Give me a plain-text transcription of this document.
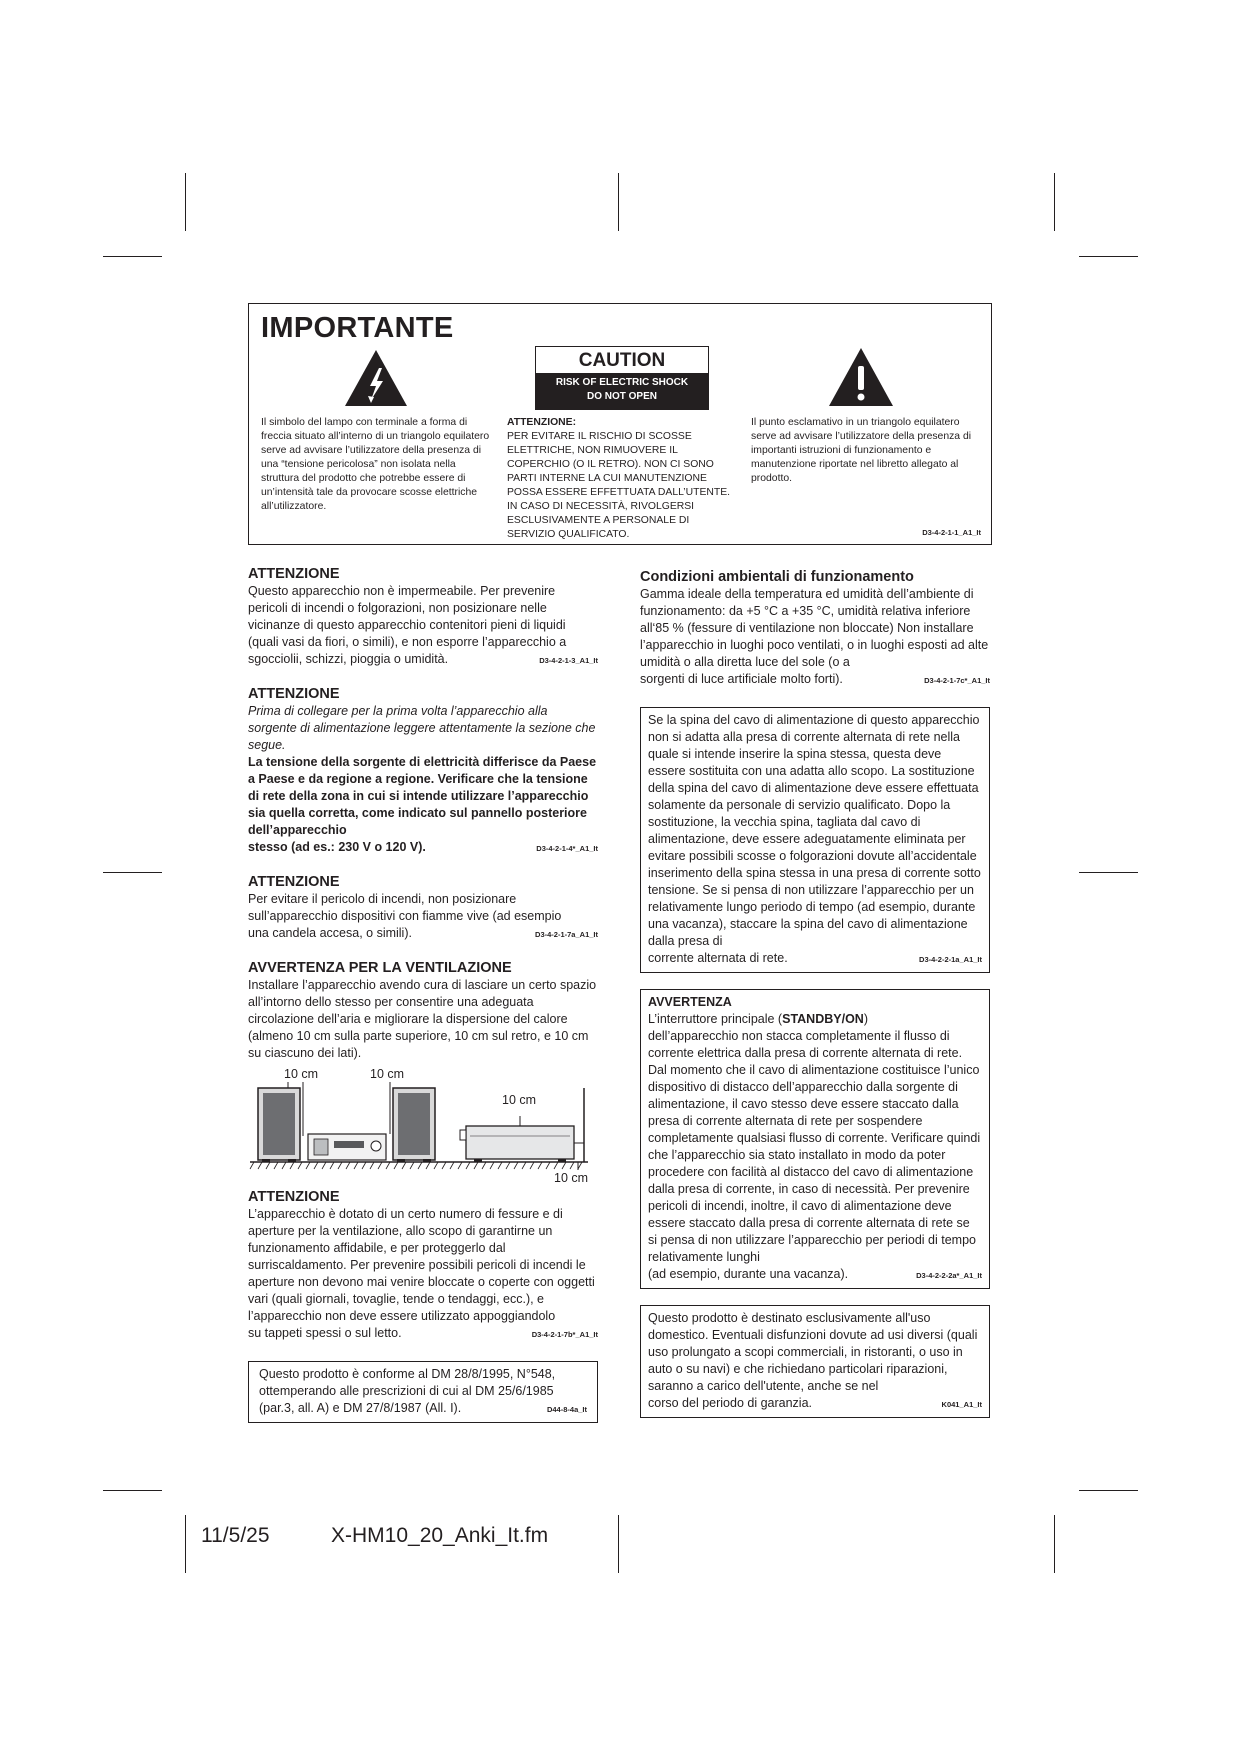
IMPORTANTE
CAUTION
RISK OF ELECTRIC SHOCK
DO NOT OPEN
Il simbolo del lampo con terminale a forma di freccia situato all’interno di un triangolo equilatero serve ad avvisare l’utilizzatore della presenza di una “tensione pericolosa” non isolata nella struttura del prodotto che potrebbe essere di un’intensità tale da provocare scosse elettriche all’utilizzatore.
ATTENZIONE:
PER EVITARE IL RISCHIO DI SCOSSE ELETTRICHE, NON RIMUOVERE IL COPERCHIO (O IL RETRO). NON CI SONO PARTI INTERNE LA CUI MANUTENZIONE POSSA ESSERE EFFETTUATA DALL’UTENTE. IN CASO DI NECESSITÀ, RIVOLGERSI ESCLUSIVAMENTE A PERSONALE DI SERVIZIO QUALIFICATO.
Il punto esclamativo in un triangolo equilatero serve ad avvisare l’utilizzatore della presenza di importanti istruzioni di funzionamento e manutenzione riportate nel libretto allegato al prodotto.
D3-4-2-1-1_A1_It
ATTENZIONE

Questo apparecchio non è impermeabile. Per prevenire pericoli di incendi o folgorazioni, non posizionare nelle vicinanze di questo apparecchio contenitori pieni di liquidi (quali vasi da fiori, o simili), e non esporre l’apparecchio a

sgocciolii, schizzi, pioggia o umidità.	D3-4-2-1-3_A1_It
ATTENZIONE

Prima di collegare per la prima volta l’apparecchio alla sorgente di alimentazione leggere attentamente la sezione che segue.

La tensione della sorgente di elettricità differisce da Paese a Paese e da regione a regione. Verificare che la tensione di rete della zona in cui si intende utilizzare l’apparecchio sia quella corretta, come indicato sul pannello posteriore dell’apparecchio

stesso (ad es.: 230 V o 120 V).	D3-4-2-1-4*_A1_It
ATTENZIONE

Per evitare il pericolo di incendi, non posizionare sull’apparecchio dispositivi con fiamme vive (ad esempio

una candela accesa, o simili).	D3-4-2-1-7a_A1_It
AVVERTENZA PER LA VENTILAZIONE

Installare l’apparecchio avendo cura di lasciare un certo spazio all’intorno dello stesso per consentire una adeguata circolazione dell’aria e migliorare la dispersione del calore (almeno 10 cm sulla parte superiore, 10 cm sul retro, e 10 cm su ciascuno dei lati).

10 cm	10 cm
10 cm
10 cm
ATTENZIONE

L’apparecchio è dotato di un certo numero di fessure e di aperture per la ventilazione, allo scopo di garantirne un funzionamento affidabile, e per proteggerlo dal surriscaldamento. Per prevenire possibili pericoli di incendi le aperture non devono mai venire bloccate o coperte con oggetti vari (quali giornali, tovaglie, tende o tendaggi, ecc.), e l’apparecchio non deve essere utilizzato appoggiandolo

su tappeti spessi o sul letto.	D3-4-2-1-7b*_A1_It

Questo prodotto è conforme al DM 28/8/1995, N°548, ottemperando alle prescrizioni di cui al DM 25/6/1985

(par.3, all. A) e DM 27/8/1987 (All. I).	D44-8-4a_It
Condizioni ambientali di funzionamento

Gamma ideale della temperatura ed umidità dell’ambiente di funzionamento: da +5 °C a +35 °C, umidità relativa inferiore all‘85 % (fessure di ventilazione non bloccate) Non installare l’apparecchio in luoghi poco ventilati, o in luoghi esposti ad alte umidità o alla diretta luce del sole (o a

sorgenti di luce artificiale molto forti).	D3-4-2-1-7c*_A1_It

Se la spina del cavo di alimentazione di questo apparecchio non si adatta alla presa di corrente alternata di rete nella quale si intende inserire la spina stessa, questa deve essere sostituita con una adatta allo scopo. La sostituzione della spina del cavo di alimentazione deve essere effettuata solamente da personale di servizio qualificato. Dopo la sostituzione, la vecchia spina, tagliata dal cavo di alimentazione, deve essere adeguatamente eliminata per evitare possibili scosse o folgorazioni dovute all’accidentale inserimento della spina stessa in una presa di corrente sotto tensione. Se si pensa di non utilizzare l’apparecchio per un relativamente lungo periodo di tempo (ad esempio, durante una vacanza), staccare la spina del cavo di alimentazione dalla presa di

corrente alternata di rete.	D3-4-2-2-1a_A1_It
AVVERTENZA

L’interruttore principale (STANDBY/ON)

dell’apparecchio non stacca completamente il flusso di corrente elettrica dalla presa di corrente alternata di rete. Dal momento che il cavo di alimentazione costituisce l’unico dispositivo di distacco dell’apparecchio dalla sorgente di alimentazione, il cavo stesso deve essere staccato dalla presa di corrente alternata di rete per sospendere completamente qualsiasi flusso di corrente. Verificare quindi che l’apparecchio sia stato installato in modo da poter procedere con facilità al distacco del cavo di alimentazione dalla presa di corrente, in caso di necessità. Per prevenire pericoli di incendi, inoltre, il cavo di alimentazione deve essere staccato dalla presa di corrente alternata di rete se si pensa di non utilizzare l’apparecchio per periodi di tempo relativamente lunghi

(ad esempio, durante una vacanza).	D3-4-2-2-2a*_A1_It

Questo prodotto è destinato esclusivamente all'uso domestico. Eventuali disfunzioni dovute ad usi diversi (quali uso prolungato a scopi commerciali, in ristoranti, o uso in auto o su navi) e che richiedano particolari riparazioni, saranno a carico dell'utente, anche se nel

corso del periodo di garanzia.	K041_A1_It
11/5/25	X-HM10_20_Anki_It.fm
